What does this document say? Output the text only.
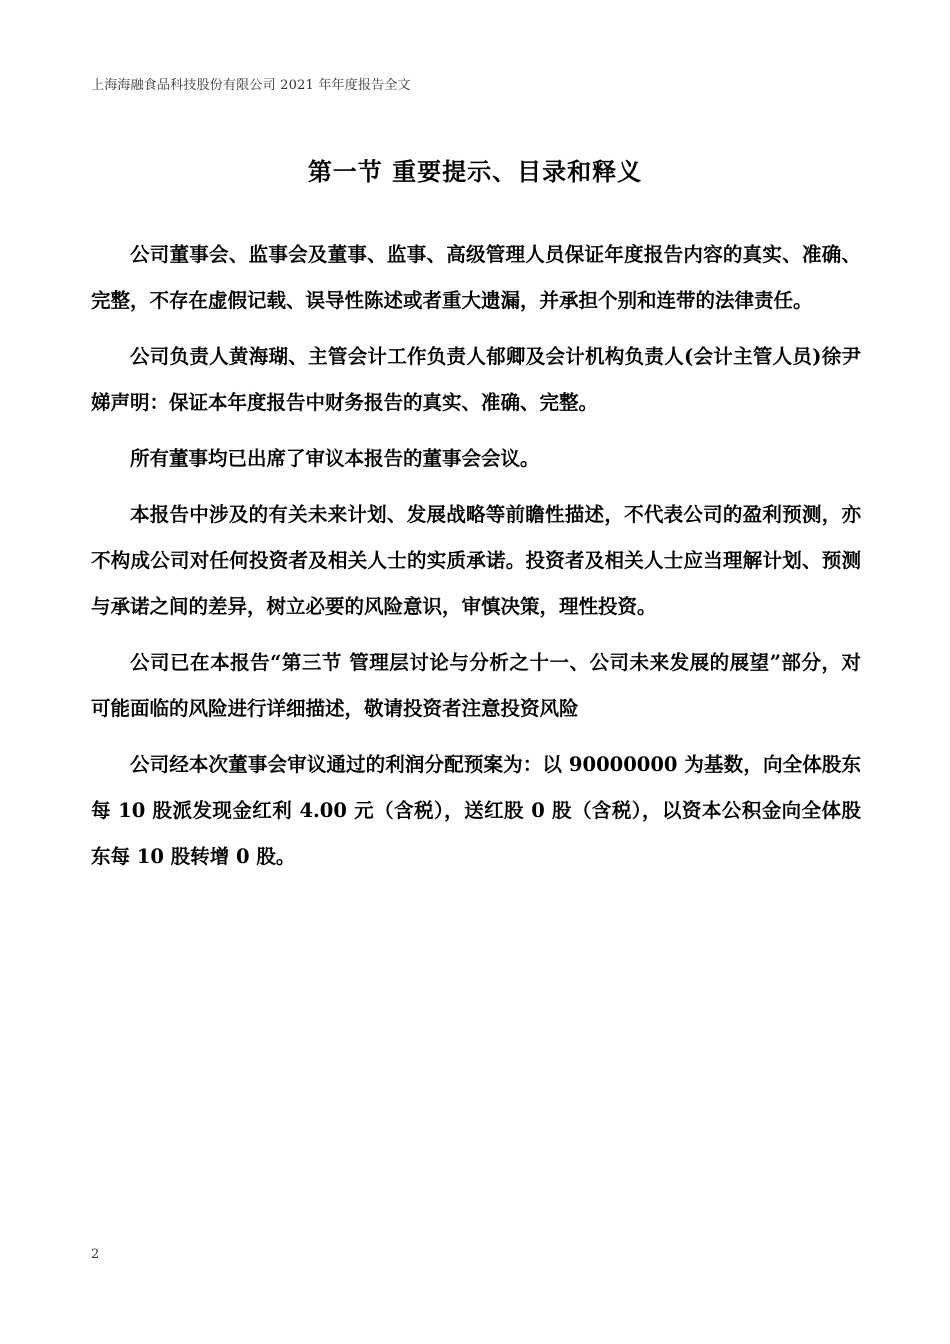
上海海融食品科技股份有限公司 2021 年年度报告全文
第一节 重要提示、目录和释义

公司董事会、监事会及董事、监事、高级管理人员保证年度报告内容的真实、准确、完整，不存在虚假记载、误导性陈述或者重大遗漏，并承担个别和连带的法律责任。

公司负责人黄海瑚、主管会计工作负责人郁卿及会计机构负责人(会计主管人员)徐尹娣声明：保证本年度报告中财务报告的真实、准确、完整。

所有董事均已出席了审议本报告的董事会会议。

本报告中涉及的有关未来计划、发展战略等前瞻性描述，不代表公司的盈利预测，亦不构成公司对任何投资者及相关人士的实质承诺。投资者及相关人士应当理解计划、预测与承诺之间的差异，树立必要的风险意识，审慎决策，理性投资。

公司已在本报告“第三节 管理层讨论与分析之十一、公司未来发展的展望”部分，对可能面临的风险进行详细描述，敬请投资者注意投资风险

公司经本次董事会审议通过的利润分配预案为：以 90000000 为基数，向全体股东每 10 股派发现金红利 4.00 元（含税），送红股 0 股（含税），以资本公积金向全体股东每 10 股转增 0 股。

2
